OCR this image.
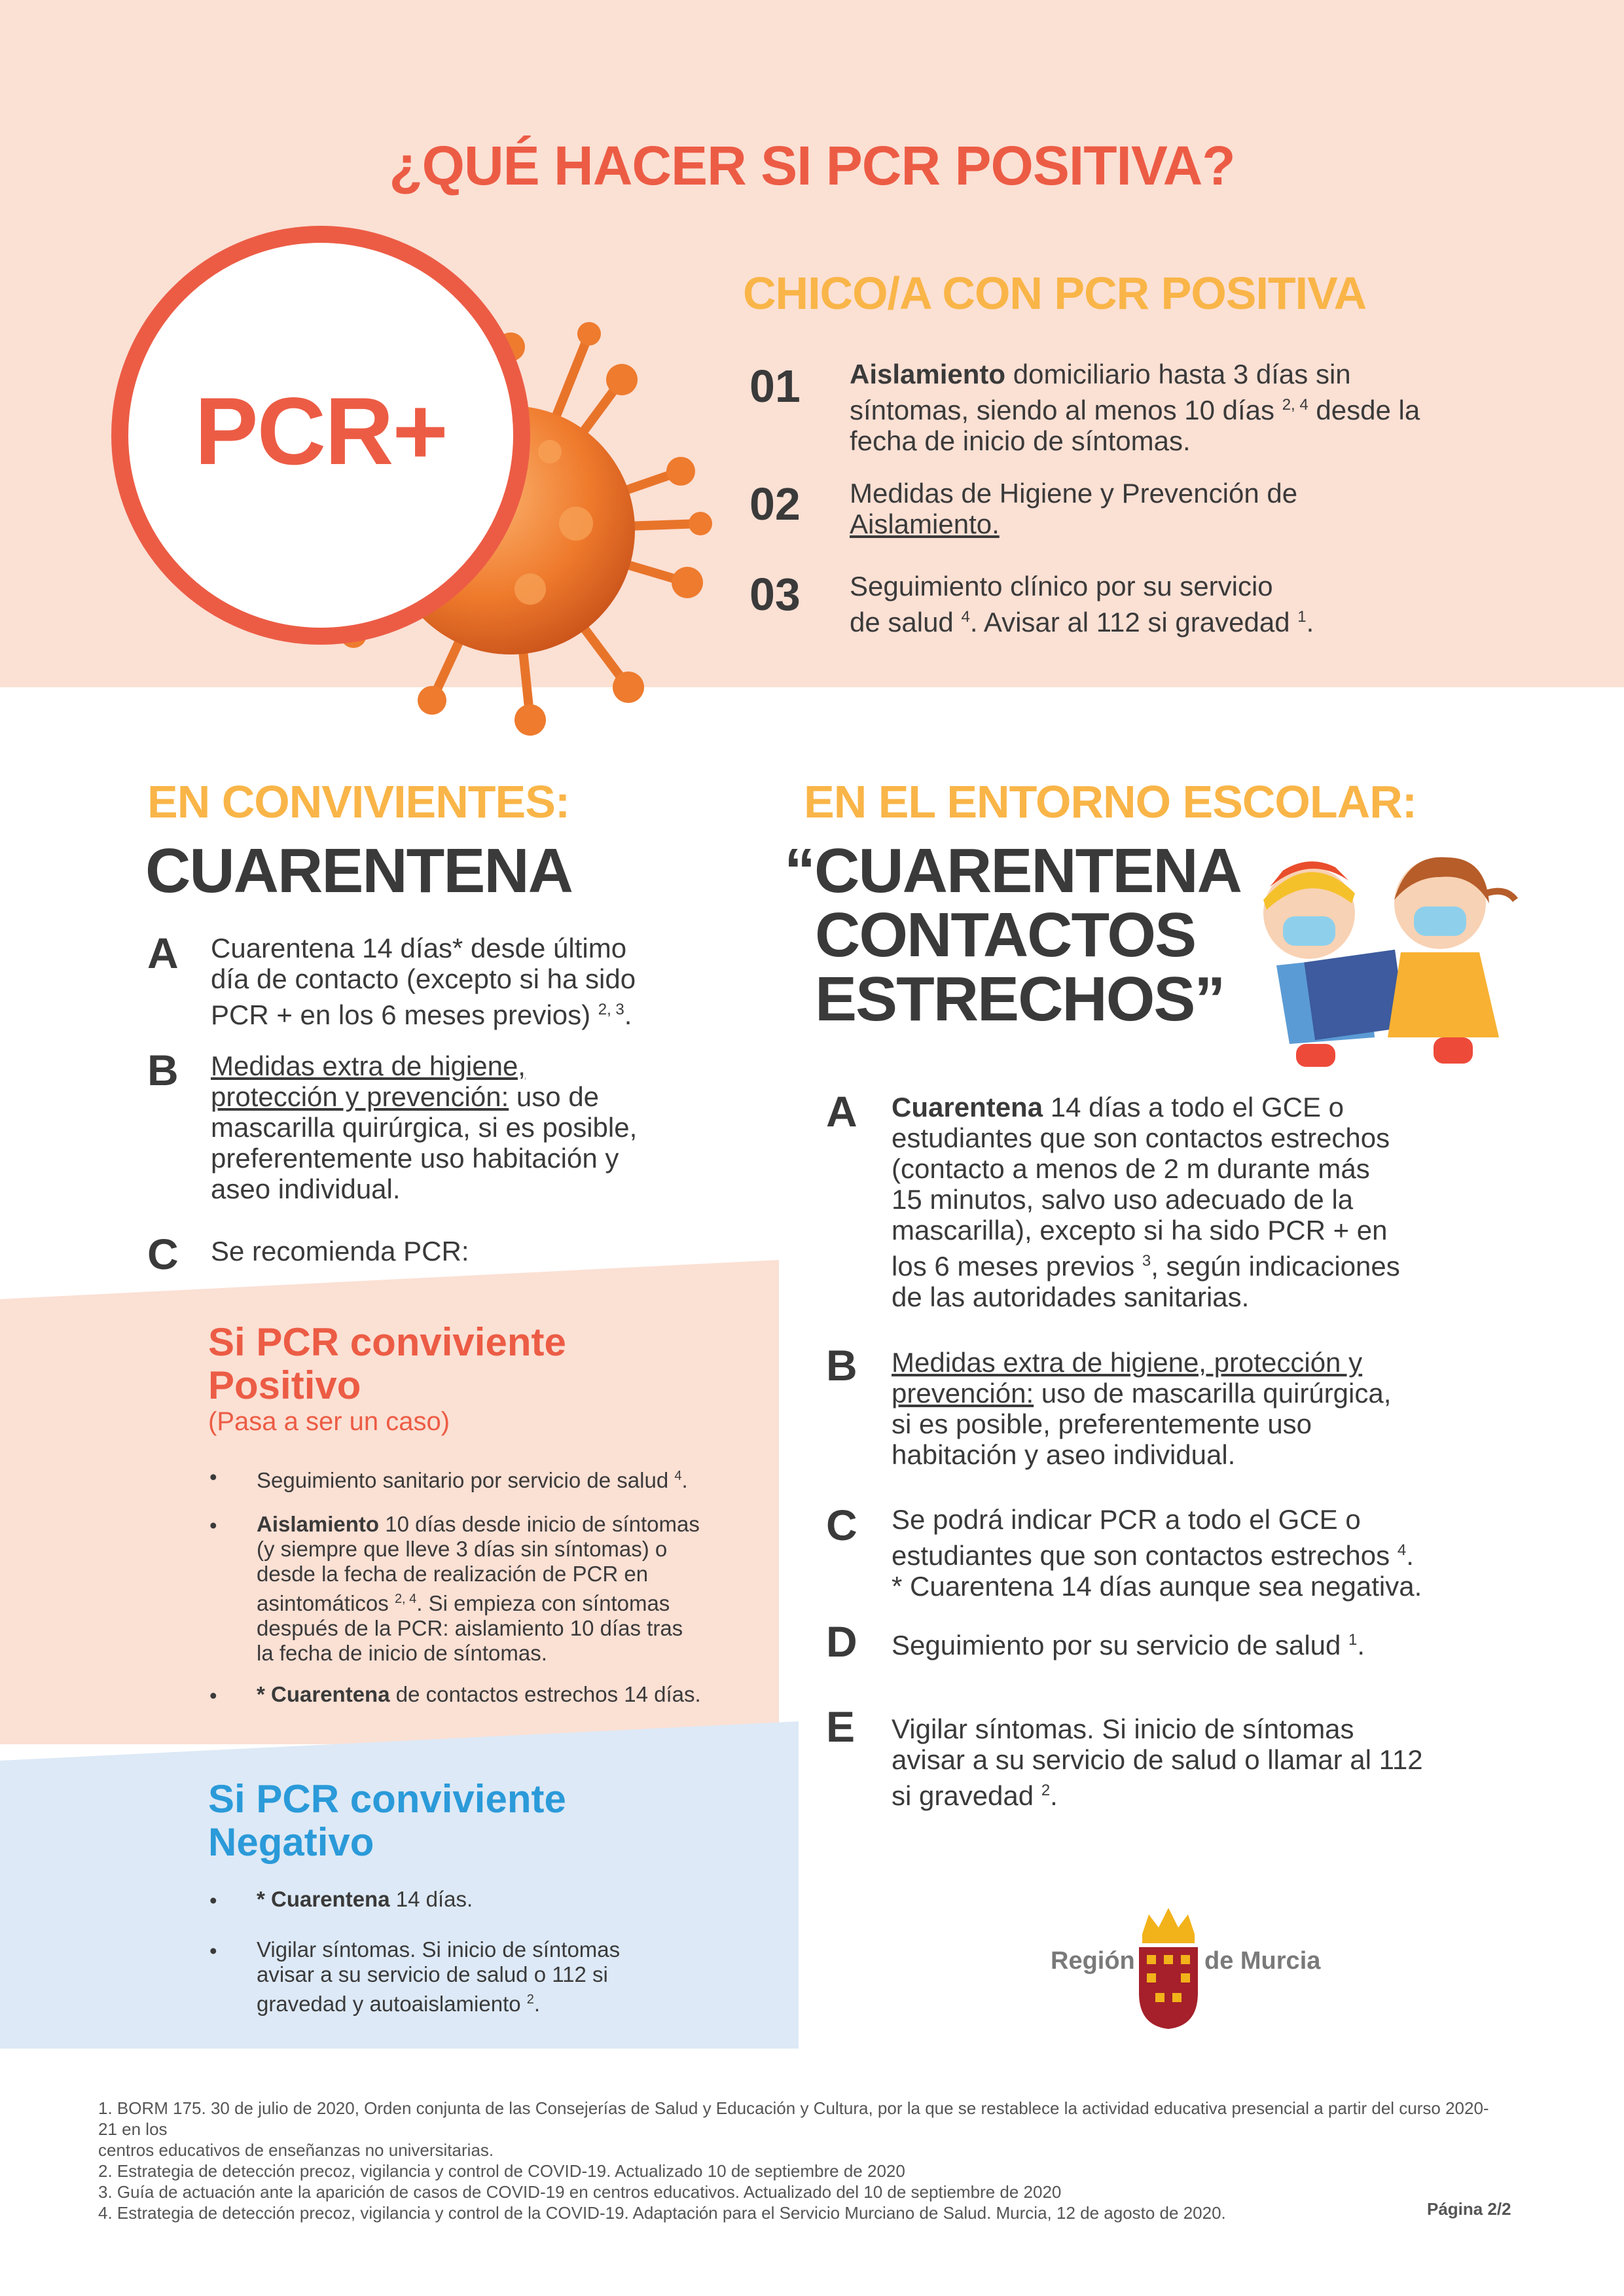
¿QUÉ HACER SI PCR POSITIVA?
PCR+
CHICO/A CON PCR POSITIVA
01 Aislamiento domiciliario hasta 3 días sin
síntomas, siendo al menos 10 días $^{2, 4}$ desde la
fecha de inicio de síntomas.
02 Medidas de Higiene y Prevención de
Aislamiento.
03 Seguimiento clínico por su servicio
de salud $^4$. Avisar al 112 si gravedad $^1$.
EN CONVIVIENTES:
CUARENTENA
A Cuarentena 14 días* desde último
día de contacto (excepto si ha sido
PCR + en los 6 meses previos) $^{2, 3}$.
B Medidas extra de higiene,
protección y prevención: uso de
mascarilla quirúrgica, si es posible,
preferentemente uso habitación y
aseo individual.
C Se recomienda PCR:
Si PCR conviviente
Positivo
(Pasa a ser un caso)
• Seguimiento sanitario por servicio de salud $^4$.
• Aislamiento 10 días desde inicio de síntomas
(y siempre que lleve 3 días sin síntomas) o
desde la fecha de realización de PCR en
asintomáticos $^{2, 4}$. Si empieza con síntomas
después de la PCR: aislamiento 10 días tras
la fecha de inicio de síntomas.
• * Cuarentena de contactos estrechos 14 días.
Si PCR conviviente
Negativo
• * Cuarentena 14 días.
• Vigilar síntomas. Si inicio de síntomas
avisar a su servicio de salud o 112 si
gravedad y autoaislamiento $^2$.
EN EL ENTORNO ESCOLAR:
“CUARENTENA
CONTACTOS
ESTRECHOS”
A Cuarentena 14 días a todo el GCE o
estudiantes que son contactos estrechos
(contacto a menos de 2 m durante más
15 minutos, salvo uso adecuado de la
mascarilla), excepto si ha sido PCR + en
los 6 meses previos $^3$, según indicaciones
de las autoridades sanitarias.
B Medidas extra de higiene, protección y
prevención: uso de mascarilla quirúrgica,
si es posible, preferentemente uso
habitación y aseo individual.
C Se podrá indicar PCR a todo el GCE o
estudiantes que son contactos estrechos $^4$.
* Cuarentena 14 días aunque sea negativa.
D Seguimiento por su servicio de salud $^1$.
E Vigilar síntomas. Si inicio de síntomas
avisar a su servicio de salud o llamar al 112
si gravedad $^2$.
Región	de Murcia
1. BORM 175. 30 de julio de 2020, Orden conjunta de las Consejerías de Salud y Educación y Cultura, por la que se restablece la actividad educativa presencial a partir del curso 2020-21 en los
centros educativos de enseñanzas no universitarias.
2. Estrategia de detección precoz, vigilancia y control de COVID-19. Actualizado 10 de septiembre de 2020
3. Guía de actuación ante la aparición de casos de COVID-19 en centros educativos. Actualizado del 10 de septiembre de 2020
4. Estrategia de detección precoz, vigilancia y control de la COVID-19. Adaptación para el Servicio Murciano de Salud. Murcia, 12 de agosto de 2020.	Página 2/2
